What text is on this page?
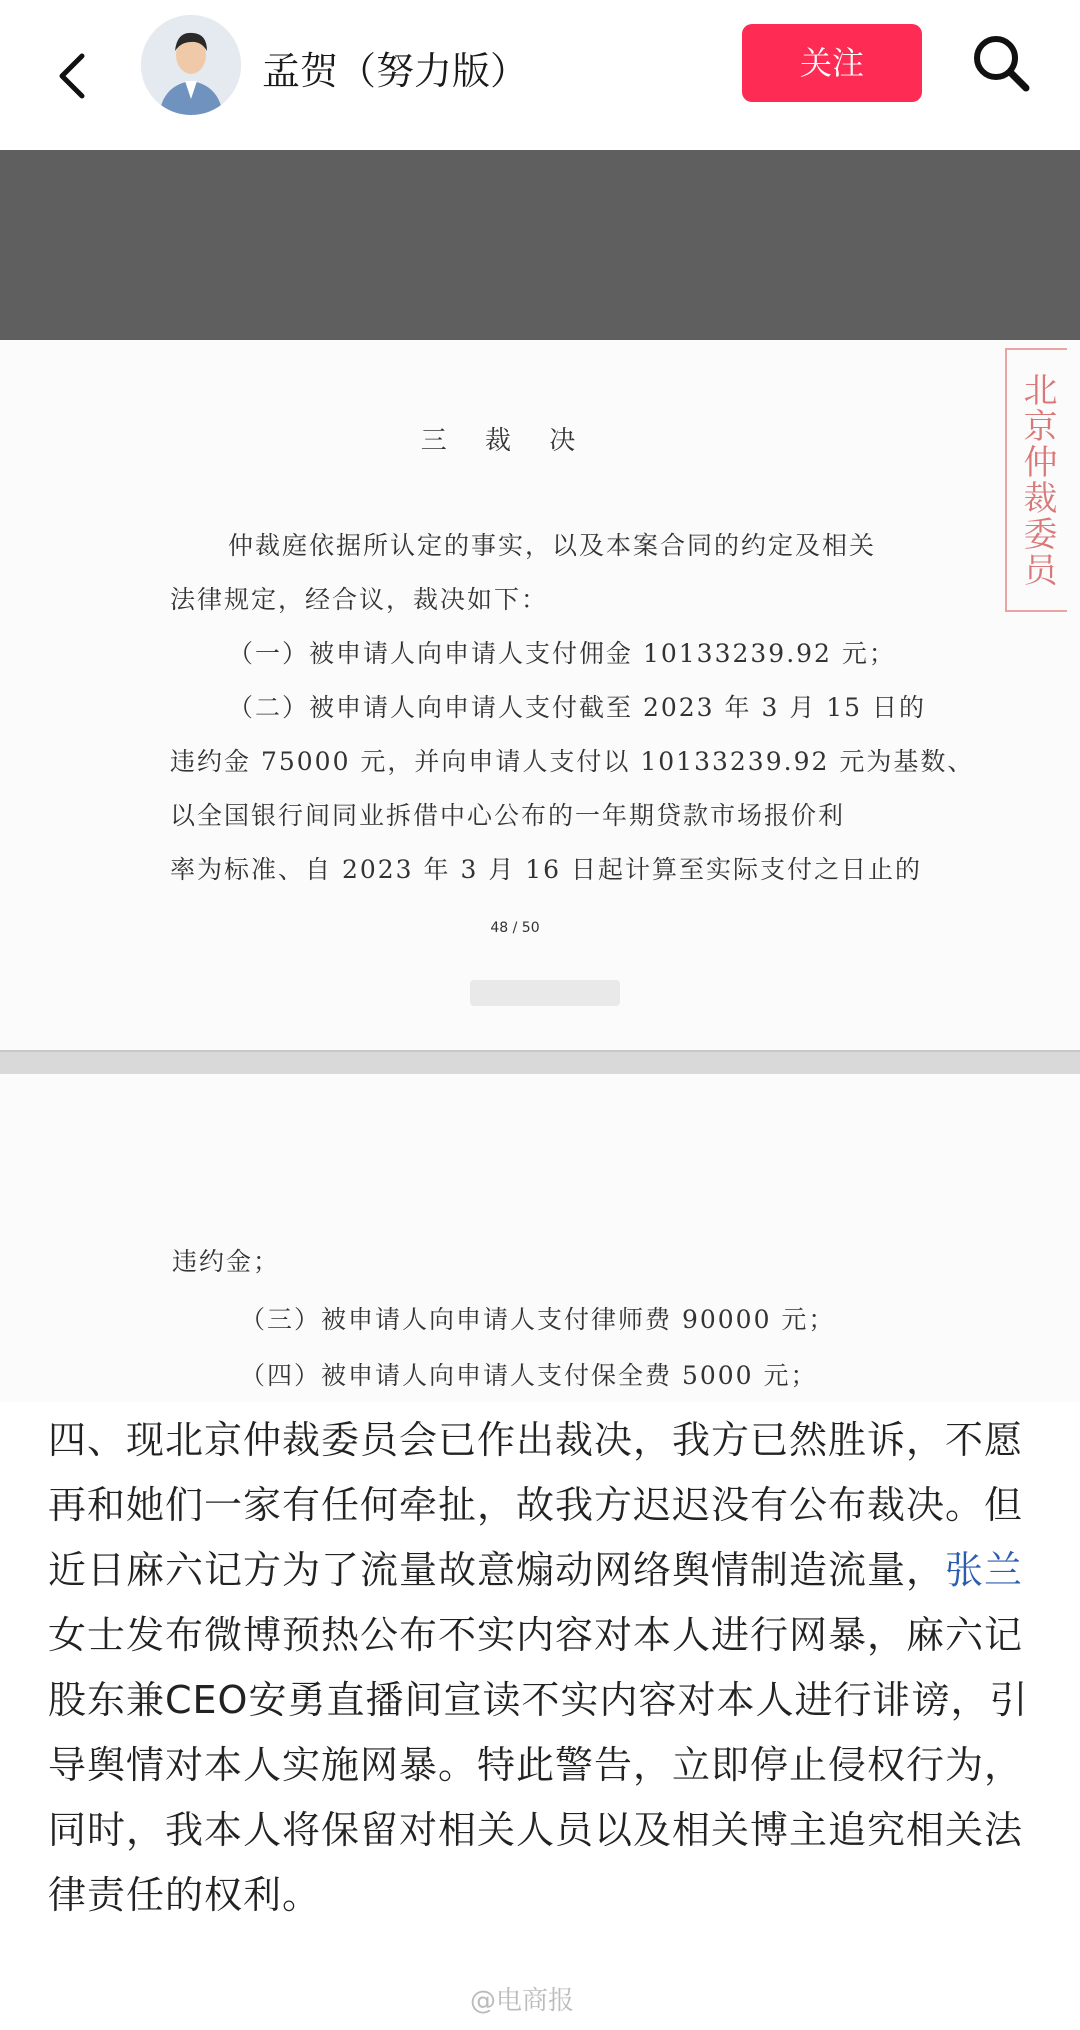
孟贺（努力版）	关注
北京仲裁委员
三 裁 决
仲裁庭依据所认定的事实，以及本案合同的约定及相关
法律规定，经合议，裁决如下：
（一）被申请人向申请人支付佣金 10133239.92 元；
（二）被申请人向申请人支付截至 2023 年 3 月 15 日的
违约金 75000 元，并向申请人支付以 10133239.92 元为基数、
以全国银行间同业拆借中心公布的一年期贷款市场报价利
率为标准、自 2023 年 3 月 16 日起计算至实际支付之日止的
48 / 50
违约金；
（三）被申请人向申请人支付律师费 90000 元；
（四）被申请人向申请人支付保全费 5000 元；

四、现北京仲裁委员会已作出裁决，我方已然胜诉，不愿再和她们一家有任何牵扯，故我方迟迟没有公布裁决。但近日麻六记方为了流量故意煽动网络舆情制造流量，张兰 女士发布微博预热公布不实内容对本人进行网暴，麻六记股东兼CEO安勇直播间宣读不实内容对本人进行诽谤，引导舆情对本人实施网暴。特此警告，立即停止侵权行为，同时，我本人将保留对相关人员以及相关博主追究相关法律责任的权利。

@电商报
